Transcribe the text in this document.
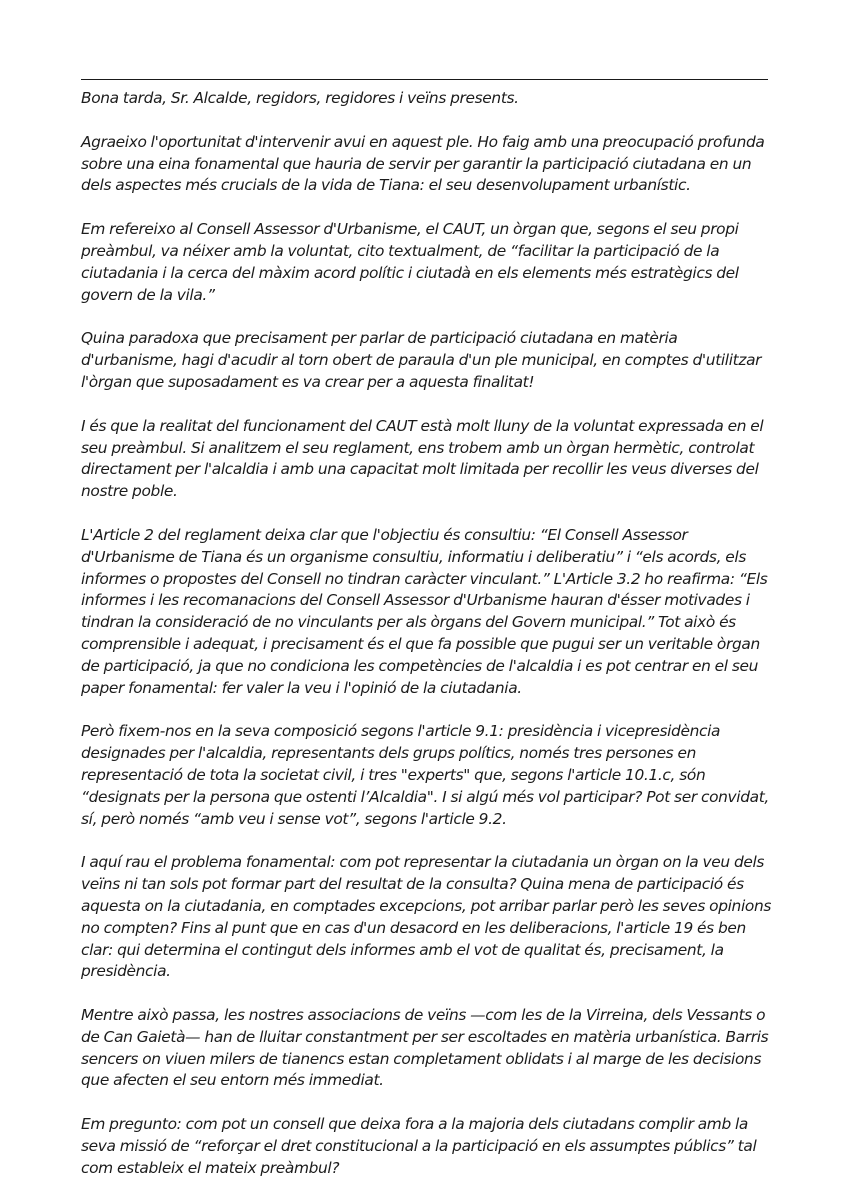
Bona tarda, Sr. Alcalde, regidors, regidores i veïns presents.

Agraeixo l'oportunitat d'intervenir avui en aquest ple. Ho faig amb una preocupació profunda sobre una eina fonamental que hauria de servir per garantir la participació ciutadana en un dels aspectes més crucials de la vida de Tiana: el seu desenvolupament urbanístic.

Em refereixo al Consell Assessor d'Urbanisme, el CAUT, un òrgan que, segons el seu propi preàmbul, va néixer amb la voluntat, cito textualment, de “facilitar la participació de la ciutadania i la cerca del màxim acord polític i ciutadà en els elements més estratègics del govern de la vila.”

Quina paradoxa que precisament per parlar de participació ciutadana en matèria d'urbanisme, hagi d'acudir al torn obert de paraula d'un ple municipal, en comptes d'utilitzar l'òrgan que suposadament es va crear per a aquesta finalitat!

I és que la realitat del funcionament del CAUT està molt lluny de la voluntat expressada en el seu preàmbul. Si analitzem el seu reglament, ens trobem amb un òrgan hermètic, controlat directament per l'alcaldia i amb una capacitat molt limitada per recollir les veus diverses del nostre poble.

L'Article 2 del reglament deixa clar que l'objectiu és consultiu: “El Consell Assessor d'Urbanisme de Tiana és un organisme consultiu, informatiu i deliberatiu” i “els acords, els informes o propostes del Consell no tindran caràcter vinculant.” L'Article 3.2 ho reafirma: “Els informes i les recomanacions del Consell Assessor d'Urbanisme hauran d'ésser motivades i tindran la consideració de no vinculants per als òrgans del Govern municipal.” Tot això és comprensible i adequat, i precisament és el que fa possible que pugui ser un veritable òrgan de participació, ja que no condiciona les competències de l'alcaldia i es pot centrar en el seu paper fonamental: fer valer la veu i l'opinió de la ciutadania.

Però fixem-nos en la seva composició segons l'article 9.1: presidència i vicepresidència designades per l'alcaldia, representants dels grups polítics, només tres persones en representació de tota la societat civil, i tres "experts" que, segons l'article 10.1.c, són “designats per la persona que ostenti l’Alcaldia". I si algú més vol participar? Pot ser convidat, sí, però només “amb veu i sense vot”, segons l'article 9.2.

I aquí rau el problema fonamental: com pot representar la ciutadania un òrgan on la veu dels veïns ni tan sols pot formar part del resultat de la consulta? Quina mena de participació és aquesta on la ciutadania, en comptades excepcions, pot arribar parlar però les seves opinions no compten? Fins al punt que en cas d'un desacord en les deliberacions, l'article 19 és ben clar: qui determina el contingut dels informes amb el vot de qualitat és, precisament, la presidència.

Mentre això passa, les nostres associacions de veïns —com les de la Virreina, dels Vessants o de Can Gaietà— han de lluitar constantment per ser escoltades en matèria urbanística. Barris sencers on viuen milers de tianencs estan completament oblidats i al marge de les decisions que afecten el seu entorn més immediat.

Em pregunto: com pot un consell que deixa fora a la majoria dels ciutadans complir amb la seva missió de “reforçar el dret constitucional a la participació en els assumptes públics” tal com estableix el mateix preàmbul?
